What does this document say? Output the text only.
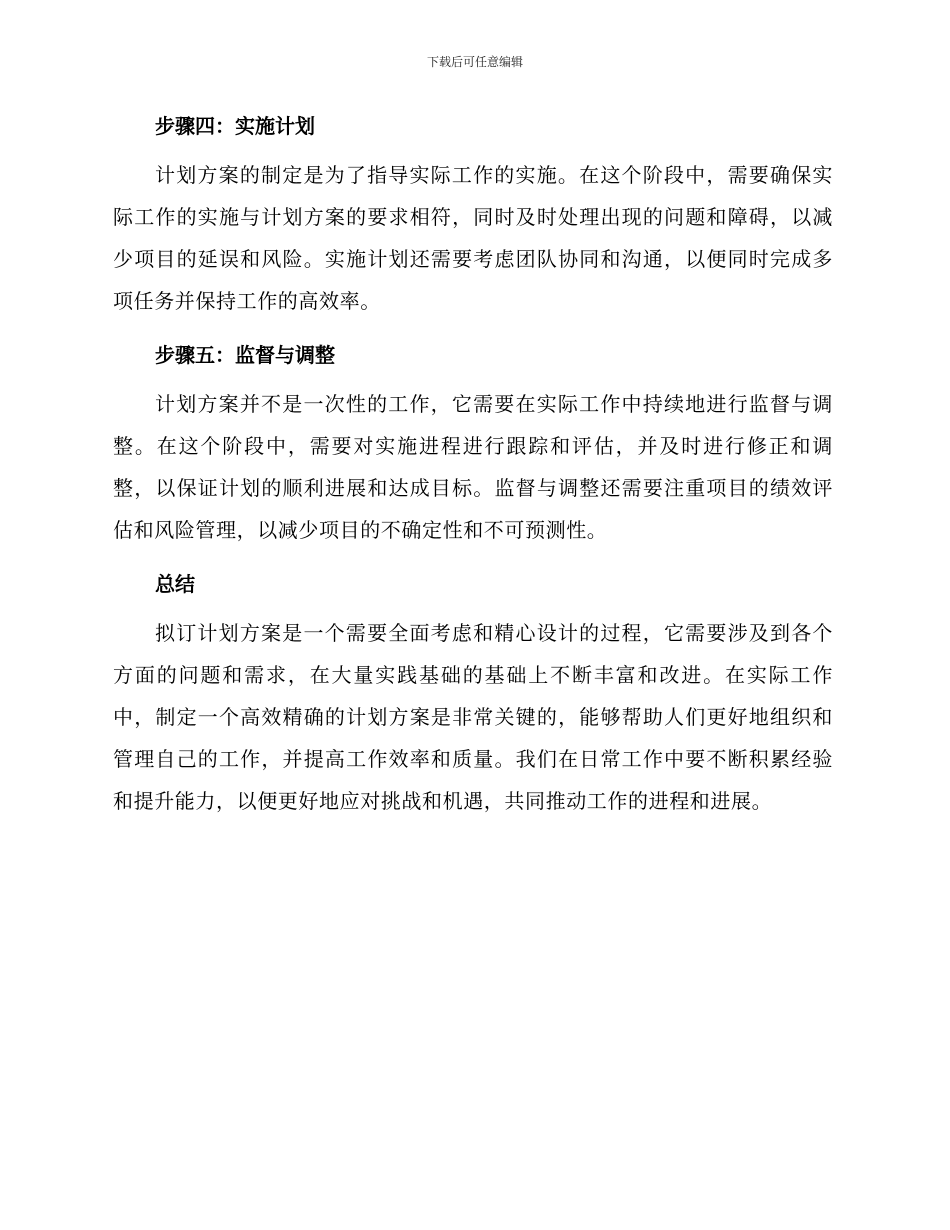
下载后可任意编辑
步骤四：实施计划

计划方案的制定是为了指导实际工作的实施。在这个阶段中，需要确保实际工作的实施与计划方案的要求相符，同时及时处理出现的问题和障碍，以减少项目的延误和风险。实施计划还需要考虑团队协同和沟通，以便同时完成多项任务并保持工作的高效率。

步骤五：监督与调整

计划方案并不是一次性的工作，它需要在实际工作中持续地进行监督与调整。在这个阶段中，需要对实施进程进行跟踪和评估，并及时进行修正和调整，以保证计划的顺利进展和达成目标。监督与调整还需要注重项目的绩效评估和风险管理，以减少项目的不确定性和不可预测性。

总结

拟订计划方案是一个需要全面考虑和精心设计的过程，它需要涉及到各个方面的问题和需求，在大量实践基础的基础上不断丰富和改进。在实际工作中，制定一个高效精确的计划方案是非常关键的，能够帮助人们更好地组织和管理自己的工作，并提高工作效率和质量。我们在日常工作中要不断积累经验和提升能力，以便更好地应对挑战和机遇，共同推动工作的进程和进展。
